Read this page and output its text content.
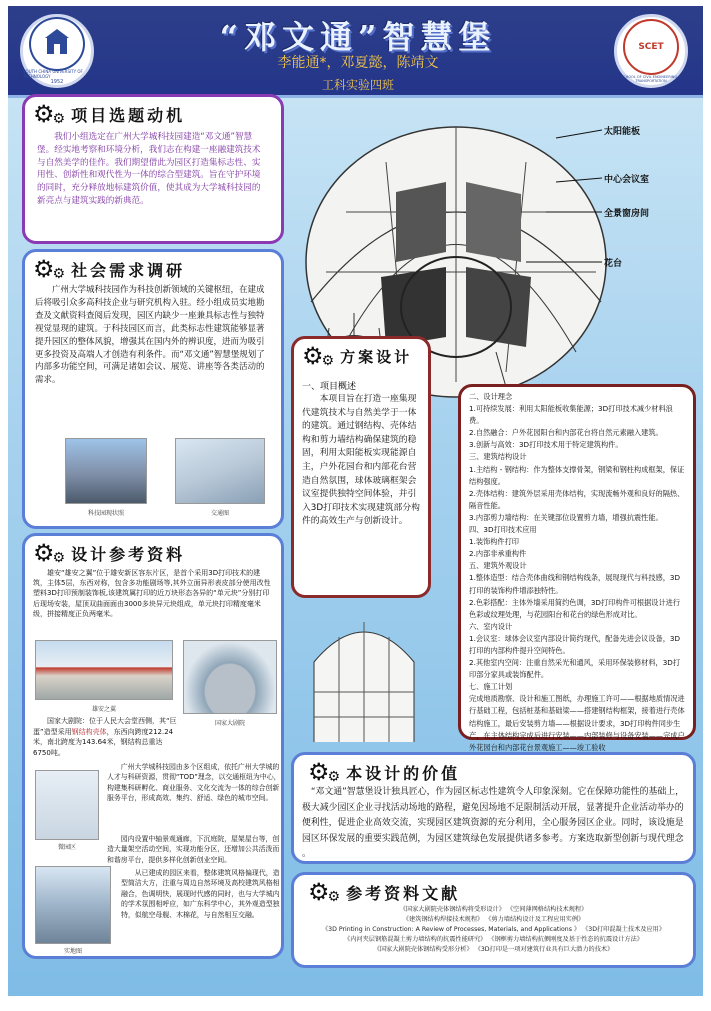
SOUTH CHINA UNIVERSITY OF TECHNOLOGY
1952
“邓文通”智慧堡
李能通*，邓夏懿，陈靖文
工科实验四班
SCET
SCHOOL OF CIVIL ENGINEERING & TRANSPORTATION
⚙
⚙ 项目选题动机
我们小组选定在广州大学城科技园建造“邓文通”智慧堡。经实地考察和环境分析，我们志在构建一座融建筑技术与自然美学的佳作。我们期望借此为园区打造集标志性、实用性、创新性和观代性为一体的综合型建筑。旨在守护环境的同时，充分释放地标建筑价值，使其成为大学城科技园的新亮点与建筑实践的新典范。
⚙
⚙ 社会需求调研
广州大学城科技园作为科技创新领域的关键枢纽，在建成后将吸引众多高科技企业与研究机构入驻。经小组成员实地勘查及文献资料查阅后发现，园区内缺少一座兼具标志性与独特视觉显现的建筑。于科技园区而言，此类标志性建筑能够显著提升园区的整体风貌，增强其在国内外的辨识度，进而为吸引更多投资及高端人才创造有利条件。而“邓文通”智慧堡规划了内部多功能空间，可满足诸如会议、展览、讲座等各类活动的需求。
科技园现状照	交通图
⚙
⚙ 设计参考资料
雄安“雄安之翼”位于雄安新区容东片区，是首个采用3D打印技术的建筑，主体5层，东西对称，包含多功能剧场等,其外立面异形表皮部分使用改性塑料3D打印预制装饰板,该建筑属打印的近万块形态各异的“单元块”分别打印后现场安装，屋顶双曲面面由3000多块异元块组成，单元块打印精度毫米级，拼接精度正负两毫米。
雄安之翼
国家大剧院：位于人民大会堂西侧，其“巨蛋”造型采用钢结构壳体，东西向跨度212.24米，南北跨度为143.64米，钢结构总重达6750吨。
国家大剧院
微园区
广州大学城科技园由多个区组成，依托广州大学城的人才与科研资源，贯彻“TOD”理念，以交通枢纽为中心，构建集科研孵化、商业服务、文化交流为一体的综合创新服务平台，形成高效、集约、舒适、绿色的城市空间。
园内设置中轴景观通廊，下沉庭院，屋架屋台等，创造大量架空活动空间，实现功能分区，还增加公共活泼而和谐房平台，提供多样化创新创业空间。
实地图
从已建成的园区来看，整体建筑风格偏现代，造型简洁大方，注重与周边自然环境及高校建筑风格相融合，色调明快，展现时代感的同时，也与大学城内的学术氛围相呼应，如广东科学中心，其外观造型独特，似航空母舰、木棉花，与自然相互交融。
太阳能板
中心会议室
全景窗房间
花台
⚙
⚙ 方案设计
一、项目概述
本项目旨在打造一座集现代建筑技术与自然美学于一体的建筑。通过钢结构、壳体结构和剪力墙结构确保建筑的稳固，利用太阳能板实现能源自主，户外花园台和内部花台营造自然氛围，球体玻璃框架会议室提供独特空间体验，并引入3D打印技术实现建筑部分构件的高效生产与创新设计。

二、设计理念

1.可持续发展：利用太阳能板收集能源；3D打印技术减少材料浪费。

2.自然融合：户外花园阳台和内部花台将自然元素融入建筑。

3.创新与高效：3D打印技术用于特定建筑构件。

三、建筑结构设计

1.主结构 - 钢结构：作为整体支撑骨架，钢梁和钢柱构成框架，保证结构强度。

2.壳体结构：建筑外层采用壳体结构，实现流畅外观和良好的隔热、隔音性能。

3.内部剪力墙结构：在关键部位设置剪力墙，增强抗震性能。

四、3D打印技术应用

1.装饰构件打印

2.内部非承重构件

五、建筑外观设计

1.整体造型：结合壳体曲线和钢结构线条，展现现代与科技感，3D打印的装饰构件增添独特性。

2.色彩搭配：主体外墙采用简约色调，3D打印构件可根据设计进行色彩或纹理处理，与花园阳台和花台的绿色形成对比。

六、室内设计

1.会议室：球体会议室内部设计简约现代，配备先进会议设备，3D打印的内部构件提升空间特色。

2.其他室内空间：注重自然采光和通风，采用环保装修材料，3D打印部分家具或装饰配件。

七、施工计划

完成地质勘察、设计和施工图纸，办理施工许可——根据地质情况进行基础工程，包括桩基和基础梁——搭建钢结构框架，接着进行壳体结构施工，最后安装剪力墙——根据设计要求，3D打印构件同步生产，在主体结构完成后进行安装——内部装修与设备安装——完成户外花园台和内部花台景观施工——竣工验收

⚙
⚙ 本设计的价值
“邓文通”智慧堡设计独具匠心，作为园区标志性建筑令人印象深刻。它在保障功能性的基础上，极大减少园区企业寻找活动场地的路程，避免因场地不足限制活动开展，显著提升企业活动举办的便利性，促进企业高效交流，实现园区建筑资源的充分利用，全心服务园区企业。同时，该设施是园区环保发展的重要实践范例，为园区建筑绿色发展提供诸多参考。方案选取新型创新与现代理念 。
⚙
⚙ 参考资料文献

《国家大剧院壳体钢结构将受形设计》 《空间薄网格结构技术规程》

《建筑钢结构焊接技术规程》 《剪力墙结构设计及工程应用实例》

《3D Printing in Construction: A Review of Processes, Materials, and Applications 》 《3D打印混凝土技术及应用》

《内河夹层钢筋混凝土剪力墙结构的抗震性能研究》 《钢框剪力墙结构抗侧刚度及基于性态的抗震设计方法》

《国家大剧院壳体钢结构受形分析》 《3D打印是一项对建筑行业具有巨大潜力的技术》
